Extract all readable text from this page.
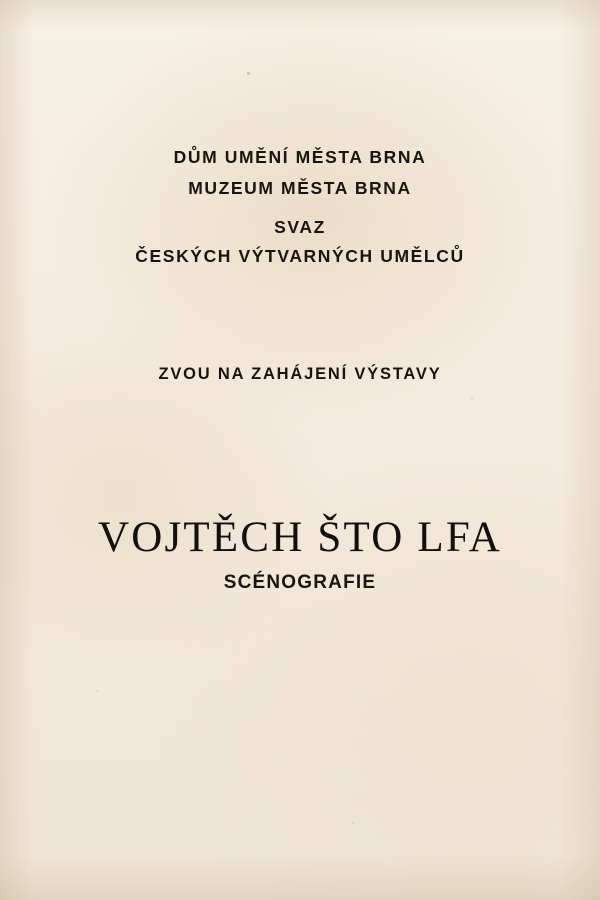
DŮM UMĚNÍ MĚSTA BRNA
MUZEUM MĚSTA BRNA
SVAZ
ČESKÝCH VÝTVARNÝCH UMĚLCŮ
ZVOU NA ZAHÁJENÍ VÝSTAVY
VOJTĚCH ŠTO LFA
SCÉNOGRAFIE
